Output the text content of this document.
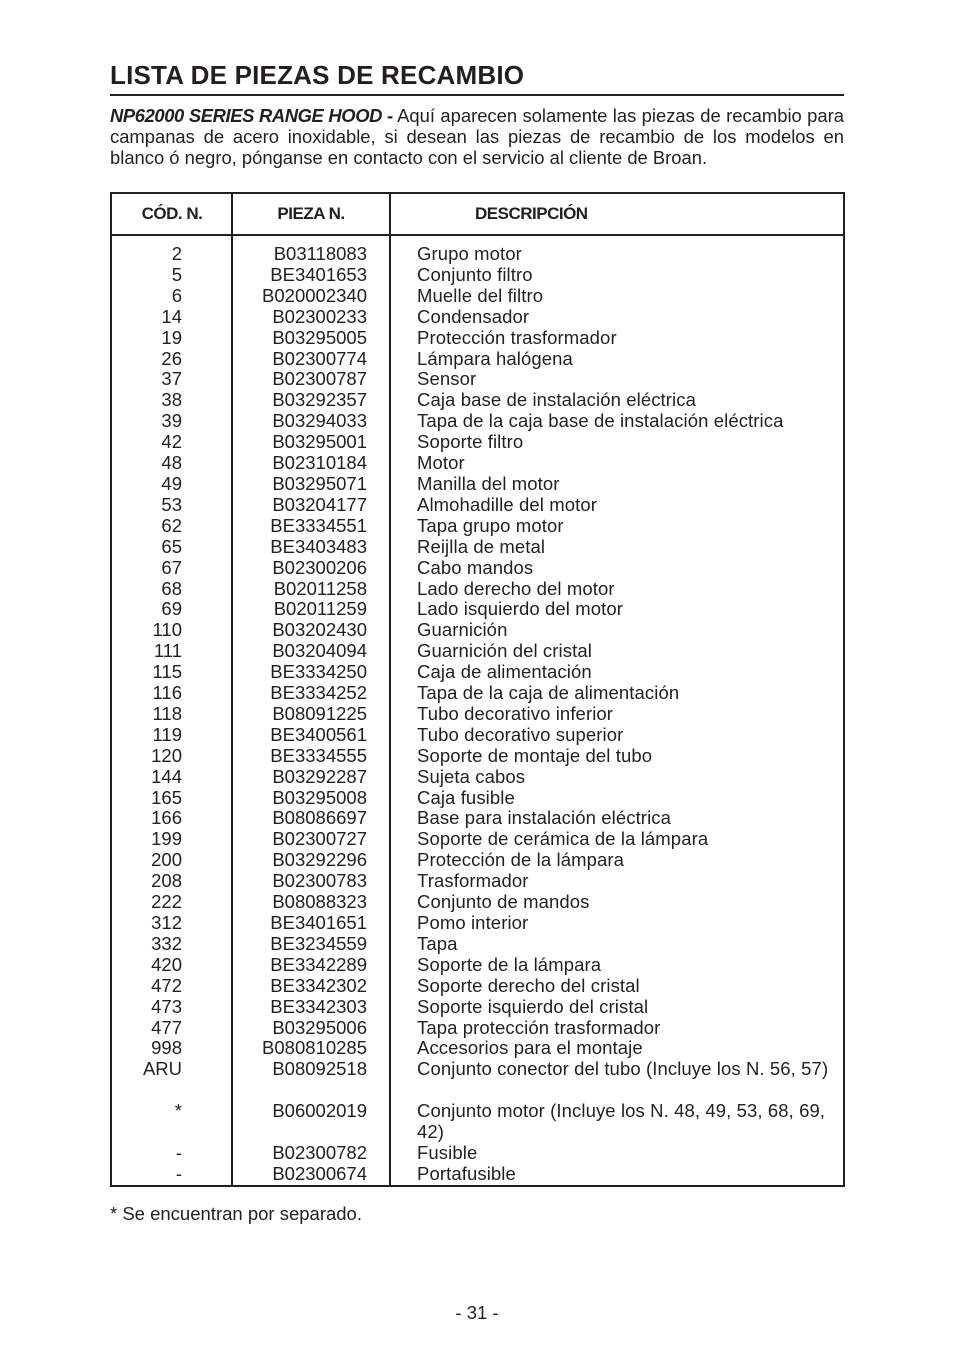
LISTA DE PIEZAS DE RECAMBIO
NP62000 SERIES RANGE HOOD - Aquí aparecen solamente las piezas de recambio para campanas de acero inoxidable, si desean las piezas de recambio de los modelos en blanco ó negro, pónganse en contacto con el servicio al cliente de Broan.
CÓD. N.	PIEZA N.	DESCRIPCIÓN
2	B03118083	Grupo motor
5	BE3401653	Conjunto filtro
6	B020002340	Muelle del filtro
14	B02300233	Condensador
19	B03295005	Protección trasformador
26	B02300774	Lámpara halógena
37	B02300787	Sensor
38	B03292357	Caja base de instalación eléctrica
39	B03294033	Tapa de la caja base de instalación eléctrica
42	B03295001	Soporte filtro
48	B02310184	Motor
49	B03295071	Manilla del motor
53	B03204177	Almohadille del motor
62	BE3334551	Tapa grupo motor
65	BE3403483	Reijlla de metal
67	B02300206	Cabo mandos
68	B02011258	Lado derecho del motor
69	B02011259	Lado isquierdo del motor
110	B03202430	Guarnición
111	B03204094	Guarnición del cristal
115	BE3334250	Caja de alimentación
116	BE3334252	Tapa de la caja de alimentación
118	B08091225	Tubo decorativo inferior
119	BE3400561	Tubo decorativo superior
120	BE3334555	Soporte de montaje del tubo
144	B03292287	Sujeta cabos
165	B03295008	Caja fusible
166	B08086697	Base para instalación eléctrica
199	B02300727	Soporte de cerámica de la lámpara
200	B03292296	Protección de la lámpara
208	B02300783	Trasformador
222	B08088323	Conjunto de mandos
312	BE3401651	Pomo interior
332	BE3234559	Tapa
420	BE3342289	Soporte de la lámpara
472	BE3342302	Soporte derecho del cristal
473	BE3342303	Soporte isquierdo del cristal
477	B03295006	Tapa protección trasformador
998	B080810285	Accesorios para el montaje
ARU	B08092518	Conjunto conector del tubo (Incluye los N. 56, 57)
*	B06002019	Conjunto motor (Incluye los N. 48, 49, 53, 68, 69, 42)
-	B02300782	Fusible
-	B02300674	Portafusible
* Se encuentran por separado.
- 31 -
